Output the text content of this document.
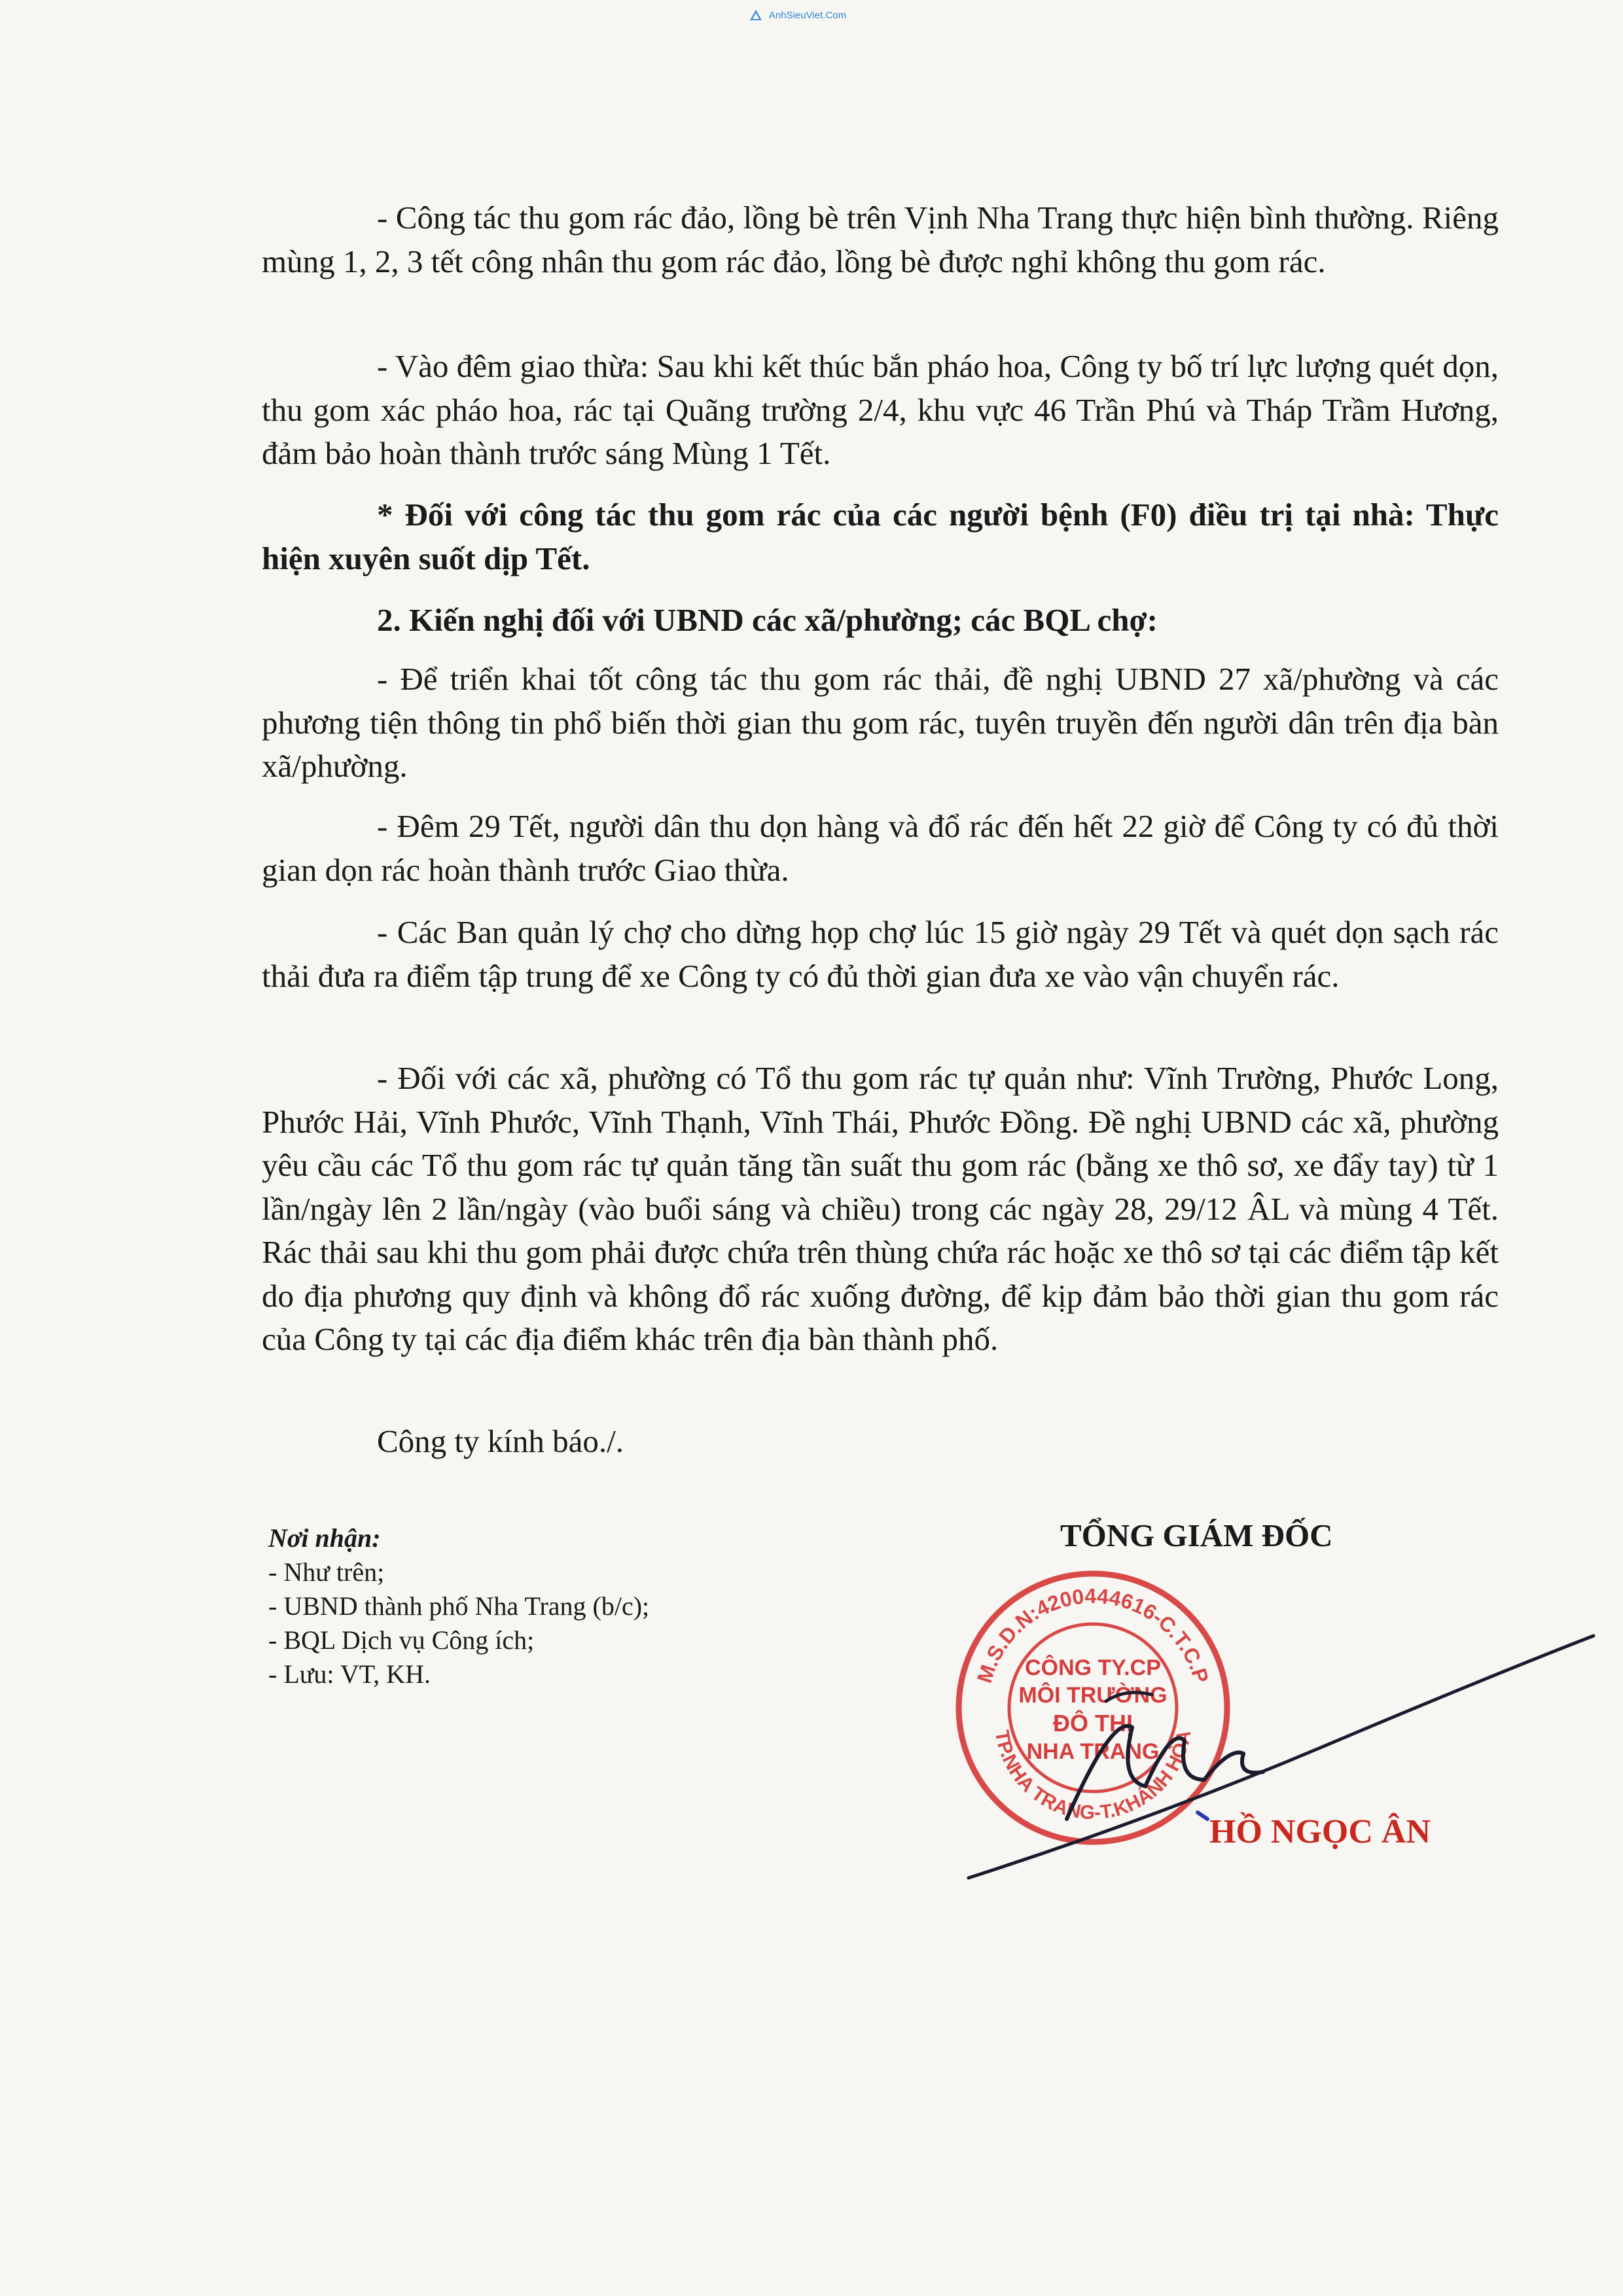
AnhSieuViet.Com

- Công tác thu gom rác đảo, lồng bè trên Vịnh Nha Trang thực hiện bình thường. Riêng mùng 1, 2, 3 tết công nhân thu gom rác đảo, lồng bè được nghỉ không thu gom rác.

- Vào đêm giao thừa: Sau khi kết thúc bắn pháo hoa, Công ty bố trí lực lượng quét dọn, thu gom xác pháo hoa, rác tại Quãng trường 2/4, khu vực 46 Trần Phú và Tháp Trầm Hương, đảm bảo hoàn thành trước sáng Mùng 1 Tết.

* Đối với công tác thu gom rác của các người bệnh (F0) điều trị tại nhà: Thực hiện xuyên suốt dịp Tết.

2. Kiến nghị đối với UBND các xã/phường; các BQL chợ:

- Để triển khai tốt công tác thu gom rác thải, đề nghị UBND 27 xã/phường và các phương tiện thông tin phổ biến thời gian thu gom rác, tuyên truyền đến người dân trên địa bàn xã/phường.

- Đêm 29 Tết, người dân thu dọn hàng và đổ rác đến hết 22 giờ để Công ty có đủ thời gian dọn rác hoàn thành trước Giao thừa.

- Các Ban quản lý chợ cho dừng họp chợ lúc 15 giờ ngày 29 Tết và quét dọn sạch rác thải đưa ra điểm tập trung để xe Công ty có đủ thời gian đưa xe vào vận chuyển rác.

- Đối với các xã, phường có Tổ thu gom rác tự quản như: Vĩnh Trường, Phước Long, Phước Hải, Vĩnh Phước, Vĩnh Thạnh, Vĩnh Thái, Phước Đồng. Đề nghị UBND các xã, phường yêu cầu các Tổ thu gom rác tự quản tăng tần suất thu gom rác (bằng xe thô sơ, xe đẩy tay) từ 1 lần/ngày lên 2 lần/ngày (vào buổi sáng và chiều) trong các ngày 28, 29/12 ÂL và mùng 4 Tết. Rác thải sau khi thu gom phải được chứa trên thùng chứa rác hoặc xe thô sơ tại các điểm tập kết do địa phương quy định và không đổ rác xuống đường, để kịp đảm bảo thời gian thu gom rác của Công ty tại các địa điểm khác trên địa bàn thành phố.

Công ty kính báo./.

Nơi nhận:
- Như trên;
- UBND thành phố Nha Trang (b/c);
- BQL Dịch vụ Công ích;
- Lưu: VT, KH.
TỔNG GIÁM ĐỐC
M.S.D.N:4200444616-C.T.C.P
TP.NHA TRANG-T.KHÁNH HÒA
CÔNG TY.CP
MÔI TRƯỜNG
ĐÔ THỊ
NHA TRANG
HỒ NGỌC ÂN
